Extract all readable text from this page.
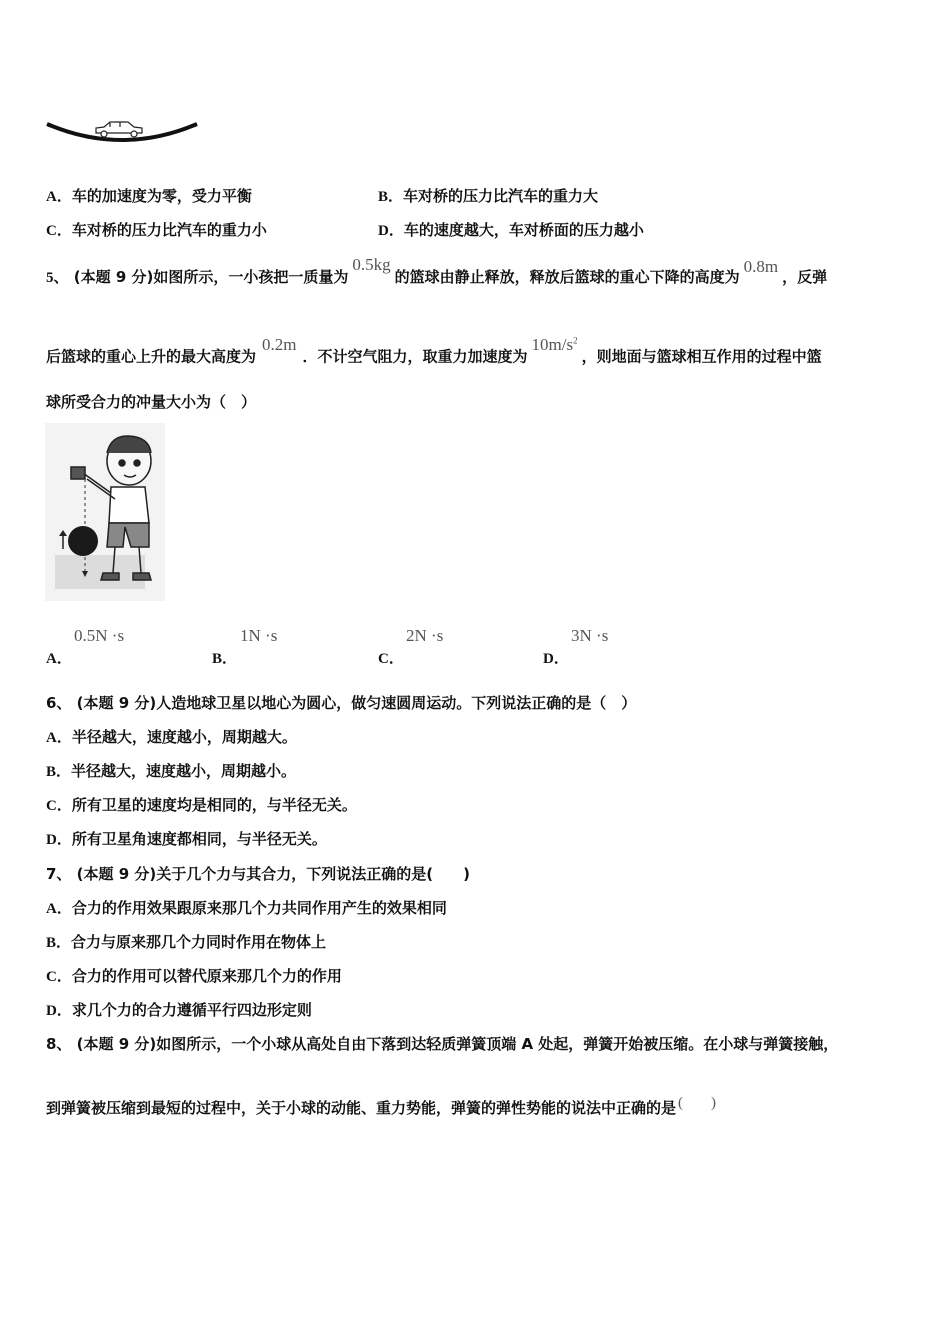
A．车的加速度为零，受力平衡	B．车对桥的压力比汽车的重力大
C．车对桥的压力比汽车的重力小	D．车的速度越大，车对桥面的压力越小
5、 (本题 9 分)如图所示，一小孩把一质量为0.5kg的篮球由静止释放，释放后篮球的重心下降的高度为0.8m，反弹
后篮球的重心上升的最大高度为0.2m．不计空气阻力，取重力加速度为$10m/s^2$，则地面与篮球相互作用的过程中篮
球所受合力的冲量大小为（　）
A．
0.5N ·s
B．
1N ·s
C．
2N ·s
D．
3N ·s
6、 (本题 9 分)人造地球卫星以地心为圆心，做匀速圆周运动。下列说法正确的是（　）
A．半径越大，速度越小，周期越大。
B．半径越大，速度越小，周期越小。
C．所有卫星的速度均是相同的，与半径无关。
D．所有卫星角速度都相同，与半径无关。
7、 (本题 9 分)关于几个力与其合力，下列说法正确的是(　　)
A．合力的作用效果跟原来那几个力共同作用产生的效果相同
B．合力与原来那几个力同时作用在物体上
C．合力的作用可以替代原来那几个力的作用
D．求几个力的合力遵循平行四边形定则
8、 (本题 9 分)如图所示，一个小球从高处自由下落到达轻质弹簧顶端 A 处起，弹簧开始被压缩。在小球与弹簧接触，
到弹簧被压缩到最短的过程中，关于小球的动能、重力势能，弹簧的弹性势能的说法中正确的是 ( )
